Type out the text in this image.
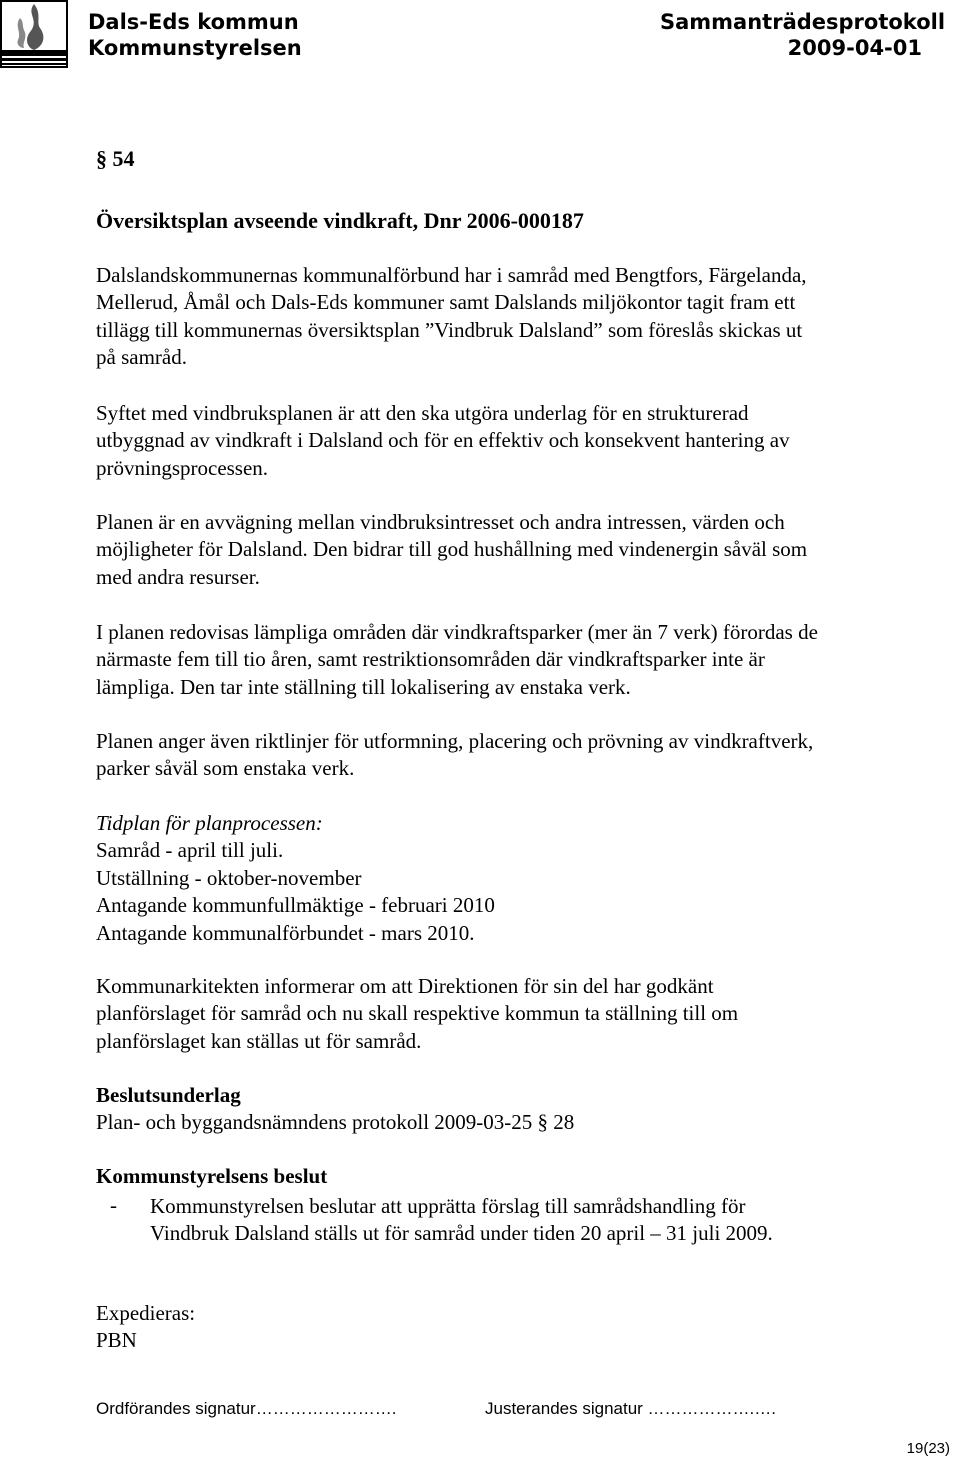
Dals-Eds kommun
Kommunstyrelsen
Sammanträdesprotokoll
2009-04-01
§ 54
Översiktsplan avseende vindkraft, Dnr 2006-000187

Dalslandskommunernas kommunalförbund har i samråd med Bengtfors, Färgelanda,

Mellerud, Åmål och Dals-Eds kommuner samt Dalslands miljökontor tagit fram ett

tillägg till kommunernas översiktsplan ”Vindbruk Dalsland” som föreslås skickas ut

på samråd.

Syftet med vindbruksplanen är att den ska utgöra underlag för en strukturerad

utbyggnad av vindkraft i Dalsland och för en effektiv och konsekvent hantering av

prövningsprocessen.

Planen är en avvägning mellan vindbruksintresset och andra intressen, värden och

möjligheter för Dalsland. Den bidrar till god hushållning med vindenergin såväl som

med andra resurser.

I planen redovisas lämpliga områden där vindkraftsparker (mer än 7 verk) förordas de

närmaste fem till tio åren, samt restriktionsområden där vindkraftsparker inte är

lämpliga. Den tar inte ställning till lokalisering av enstaka verk.

Planen anger även riktlinjer för utformning, placering och prövning av vindkraftverk,

parker såväl som enstaka verk.

Tidplan för planprocessen:

Samråd - april till juli.

Utställning - oktober-november

Antagande kommunfullmäktige - februari 2010

Antagande kommunalförbundet - mars 2010.

Kommunarkitekten informerar om att Direktionen för sin del har godkänt

planförslaget för samråd och nu skall respektive kommun ta ställning till om

planförslaget kan ställas ut för samråd.

Beslutsunderlag

Plan- och byggandsnämndens protokoll 2009-03-25 § 28

Kommunstyrelsens beslut
- Kommunstyrelsen beslutar att upprätta förslag till samrådshandling för
Vindbruk Dalsland ställs ut för samråd under tiden 20 april – 31 juli 2009.
Expedieras:
PBN
Ordförandes signatur…………………….	Justerandes signatur ……………….….
19(23)
